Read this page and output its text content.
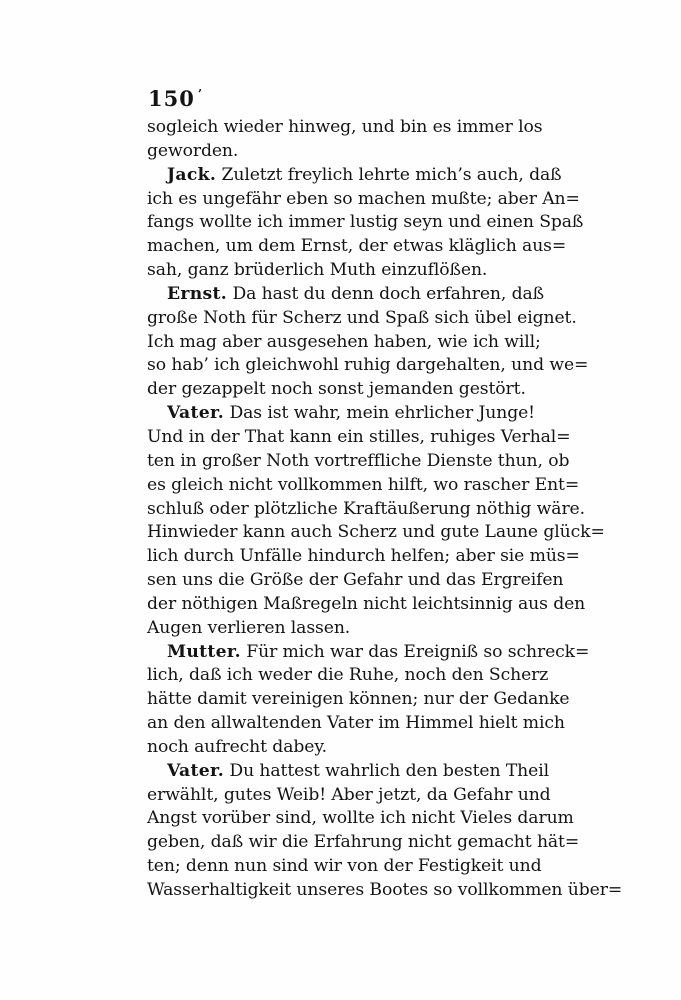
150 ’
sogleich wieder hinweg, und bin es immer los
geworden.
Jack. Zuletzt freylich lehrte mich’s auch, daß
ich es ungefähr eben so machen mußte; aber An=
fangs wollte ich immer lustig seyn und einen Spaß
machen, um dem Ernst, der etwas kläglich aus=
sah, ganz brüderlich Muth einzuflößen.
Ernst. Da hast du denn doch erfahren, daß
große Noth für Scherz und Spaß sich übel eignet.
Ich mag aber ausgesehen haben, wie ich will;
so hab’ ich gleichwohl ruhig dargehalten, und we=
der gezappelt noch sonst jemanden gestört.
Vater. Das ist wahr, mein ehrlicher Junge!
Und in der That kann ein stilles, ruhiges Verhal=
ten in großer Noth vortreffliche Dienste thun, ob
es gleich nicht vollkommen hilft, wo rascher Ent=
schluß oder plötzliche Kraftäußerung nöthig wäre.
Hinwieder kann auch Scherz und gute Laune glück=
lich durch Unfälle hindurch helfen; aber sie müs=
sen uns die Größe der Gefahr und das Ergreifen
der nöthigen Maßregeln nicht leichtsinnig aus den
Augen verlieren lassen.
Mutter. Für mich war das Ereigniß so schreck=
lich, daß ich weder die Ruhe, noch den Scherz
hätte damit vereinigen können; nur der Gedanke
an den allwaltenden Vater im Himmel hielt mich
noch aufrecht dabey.
Vater. Du hattest wahrlich den besten Theil
erwählt, gutes Weib! Aber jetzt, da Gefahr und
Angst vorüber sind, wollte ich nicht Vieles darum
geben, daß wir die Erfahrung nicht gemacht hät=
ten; denn nun sind wir von der Festigkeit und
Wasserhaltigkeit unseres Bootes so vollkommen über=
